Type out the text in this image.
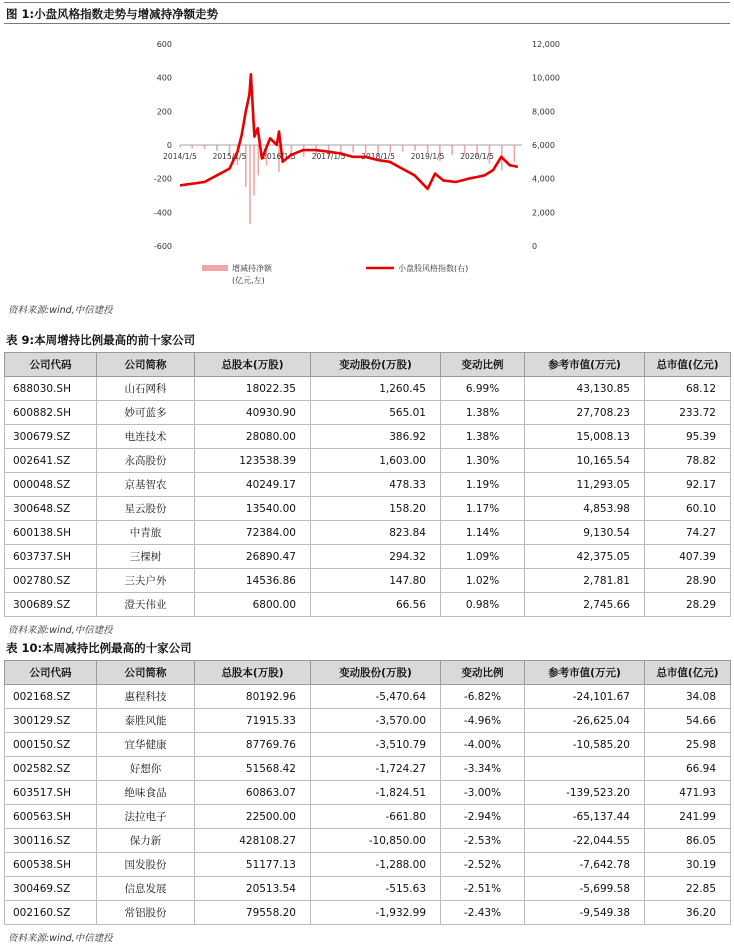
图 1:小盘风格指数走势与增减持净额走势
600
400
200
0
-200
-400
-600
12,000
10,000
8,000
6,000
4,000
2,000
0
2014/1/5 2015/1/5 2016/1/5 2017/1/5 2018/1/5 2019/1/5 2020/1/5
增减持净额
(亿元,左)
小盘股风格指数(右)
资料来源:wind,中信建投
表 9:本周增持比例最高的前十家公司
公司代码	公司简称	总股本(万股)	变动股份(万股)	变动比例	参考市值(万元)	总市值(亿元)
688030.SH	山石网科	18022.35	1,260.45	6.99%	43,130.85	68.12
600882.SH	妙可蓝多	40930.90	565.01	1.38%	27,708.23	233.72
300679.SZ	电连技术	28080.00	386.92	1.38%	15,008.13	95.39
002641.SZ	永高股份	123538.39	1,603.00	1.30%	10,165.54	78.82
000048.SZ	京基智农	40249.17	478.33	1.19%	11,293.05	92.17
300648.SZ	星云股份	13540.00	158.20	1.17%	4,853.98	60.10
600138.SH	中青旅	72384.00	823.84	1.14%	9,130.54	74.27
603737.SH	三棵树	26890.47	294.32	1.09%	42,375.05	407.39
002780.SZ	三夫户外	14536.86	147.80	1.02%	2,781.81	28.90
300689.SZ	澄天伟业	6800.00	66.56	0.98%	2,745.66	28.29
资料来源:wind,中信建投
表 10:本周减持比例最高的十家公司
公司代码	公司简称	总股本(万股)	变动股份(万股)	变动比例	参考市值(万元)	总市值(亿元)
002168.SZ	惠程科技	80192.96	-5,470.64	-6.82%	-24,101.67	34.08
300129.SZ	泰胜风能	71915.33	-3,570.00	-4.96%	-26,625.04	54.66
000150.SZ	宜华健康	87769.76	-3,510.79	-4.00%	-10,585.20	25.98
002582.SZ	好想你	51568.42	-1,724.27	-3.34%		66.94
603517.SH	绝味食品	60863.07	-1,824.51	-3.00%	-139,523.20	471.93
600563.SH	法拉电子	22500.00	-661.80	-2.94%	-65,137.44	241.99
300116.SZ	保力新	428108.27	-10,850.00	-2.53%	-22,044.55	86.05
600538.SH	国发股份	51177.13	-1,288.00	-2.52%	-7,642.78	30.19
300469.SZ	信息发展	20513.54	-515.63	-2.51%	-5,699.58	22.85
002160.SZ	常铝股份	79558.20	-1,932.99	-2.43%	-9,549.38	36.20
资料来源:wind,中信建投
